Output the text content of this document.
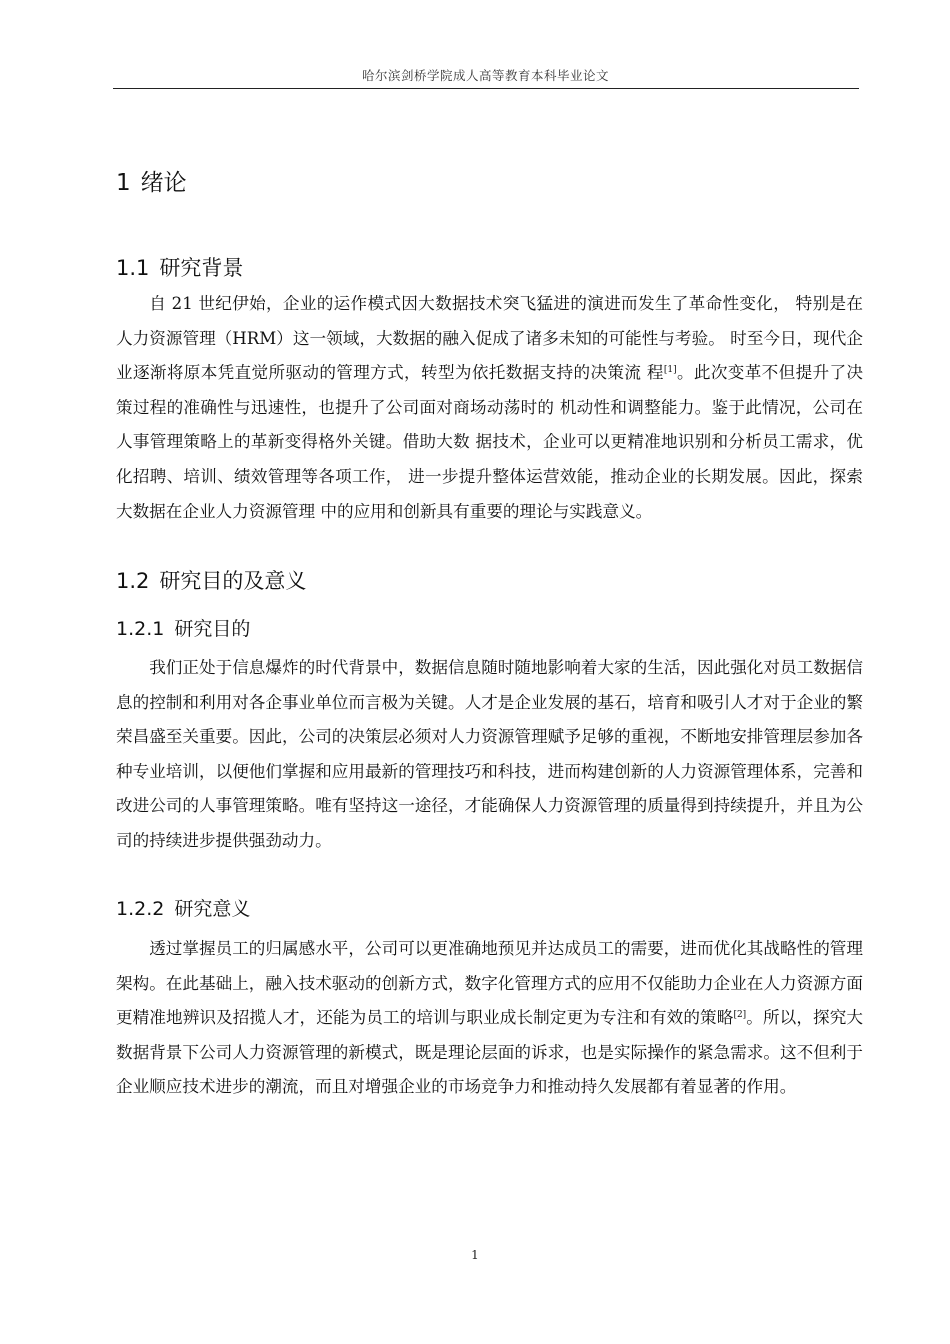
哈尔滨剑桥学院成人高等教育本科毕业论文
1 绪论
1.1 研究背景

自 21 世纪伊始，企业的运作模式因大数据技术突飞猛进的演进而发生了革命性变化， 特别是在人力资源管理（HRM）这一领域，大数据的融入促成了诸多未知的可能性与考验。 时至今日，现代企业逐渐将原本凭直觉所驱动的管理方式，转型为依托数据支持的决策流 程[1]。此次变革不但提升了决策过程的准确性与迅速性，也提升了公司面对商场动荡时的 机动性和调整能力。鉴于此情况，公司在人事管理策略上的革新变得格外关键。借助大数 据技术，企业可以更精准地识别和分析员工需求，优化招聘、培训、绩效管理等各项工作， 进一步提升整体运营效能，推动企业的长期发展。因此，探索大数据在企业人力资源管理 中的应用和创新具有重要的理论与实践意义。

1.2 研究目的及意义
1.2.1 研究目的

我们正处于信息爆炸的时代背景中，数据信息随时随地影响着大家的生活，因此强化对员工数据信息的控制和利用对各企事业单位而言极为关键。人才是企业发展的基石，培育和吸引人才对于企业的繁荣昌盛至关重要。因此，公司的决策层必须对人力资源管理赋予足够的重视，不断地安排管理层参加各种专业培训，以便他们掌握和应用最新的管理技巧和科技，进而构建创新的人力资源管理体系，完善和改进公司的人事管理策略。唯有坚持这一途径，才能确保人力资源管理的质量得到持续提升，并且为公司的持续进步提供强劲动力。

1.2.2 研究意义

透过掌握员工的归属感水平，公司可以更准确地预见并达成员工的需要，进而优化其战略性的管理架构。在此基础上，融入技术驱动的创新方式，数字化管理方式的应用不仅能助力企业在人力资源方面更精准地辨识及招揽人才，还能为员工的培训与职业成长制定更为专注和有效的策略[2]。所以，探究大数据背景下公司人力资源管理的新模式，既是理论层面的诉求，也是实际操作的紧急需求。这不但利于企业顺应技术进步的潮流，而且对增强企业的市场竞争力和推动持久发展都有着显著的作用。

1
